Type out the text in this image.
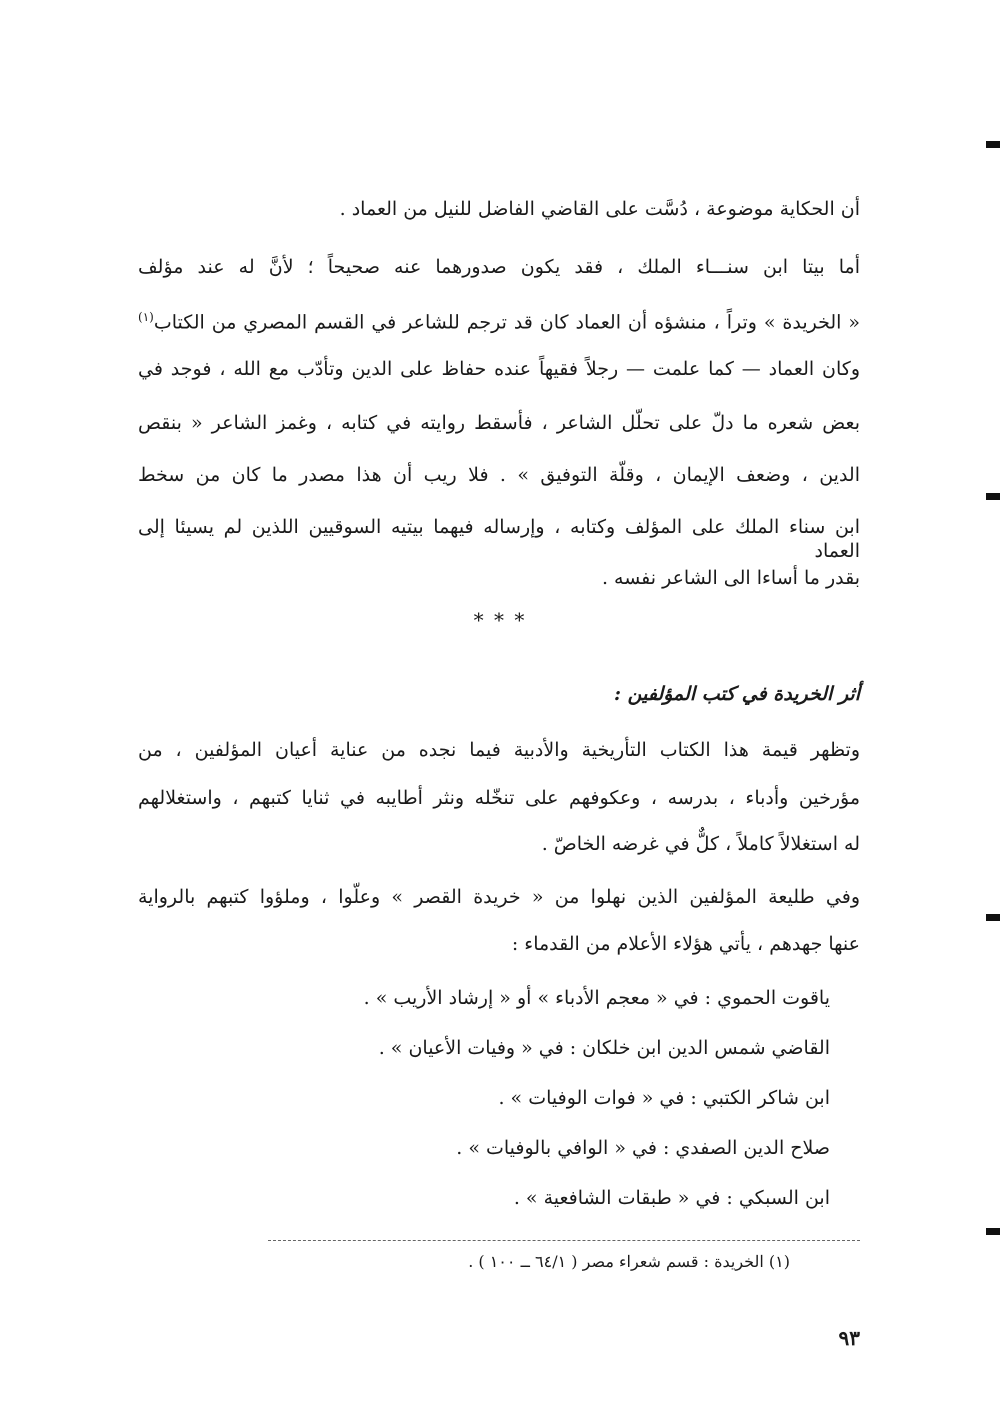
أن الحكاية موضوعة ، دُسَّت على القاضي الفاضل للنيل من العماد .
أما بيتا ابن سنـــاء الملك ، فقد يكون صدورهما عنه صحيحاً ؛ لأنَّ له عند مؤلف
« الخريدة » وتراً ، منشؤه أن العماد كان قد ترجم للشاعر في القسم المصري من الكتاب$^{(١)}$
وكان العماد — كما علمت — رجلاً فقيهاً عنده حفاظ على الدين وتأدّب مع الله ، فوجد في
بعض شعره ما دلّ على تحلّل الشاعر ، فأسقط روايته في كتابه ، وغمز الشاعر « بنقص
الدين ، وضعف الإيمان ، وقلّة التوفيق » . فلا ريب أن هذا مصدر ما كان من سخط
ابن سناء الملك على المؤلف وكتابه ، وإرساله فيهما بيتيه السوقيين اللذين لم يسيئا إلى العماد
بقدر ما أساءا الى الشاعر نفسه .
* * *
أثر الخريدة في كتب المؤلفين :
وتظهر قيمة هذا الكتاب التأريخية والأدبية فيما نجده من عناية أعيان المؤلفين ، من
مؤرخين وأدباء ، بدرسه ، وعكوفهم على تنخّله ونثر أطايبه في ثنايا كتبهم ، واستغلالهم
له استغلالاً كاملاً ، كلٌّ في غرضه الخاصّ .
وفي طليعة المؤلفين الذين نهلوا من « خريدة القصر » وعلّوا ، وملؤوا كتبهم بالرواية
عنها جهدهم ، يأتي هؤلاء الأعلام من القدماء :
ياقوت الحموي : في « معجم الأدباء » أو « إرشاد الأريب » .
القاضي شمس الدين ابن خلكان : في « وفيات الأعيان » .
ابن شاكر الكتبي : في « فوات الوفيات » .
صلاح الدين الصفدي : في « الوافي بالوفيات » .
ابن السبكي : في « طبقات الشافعية » .
(١) الخريدة : قسم شعراء مصر ( ٦٤/١ ــ ١٠٠ ) .
٩٣
